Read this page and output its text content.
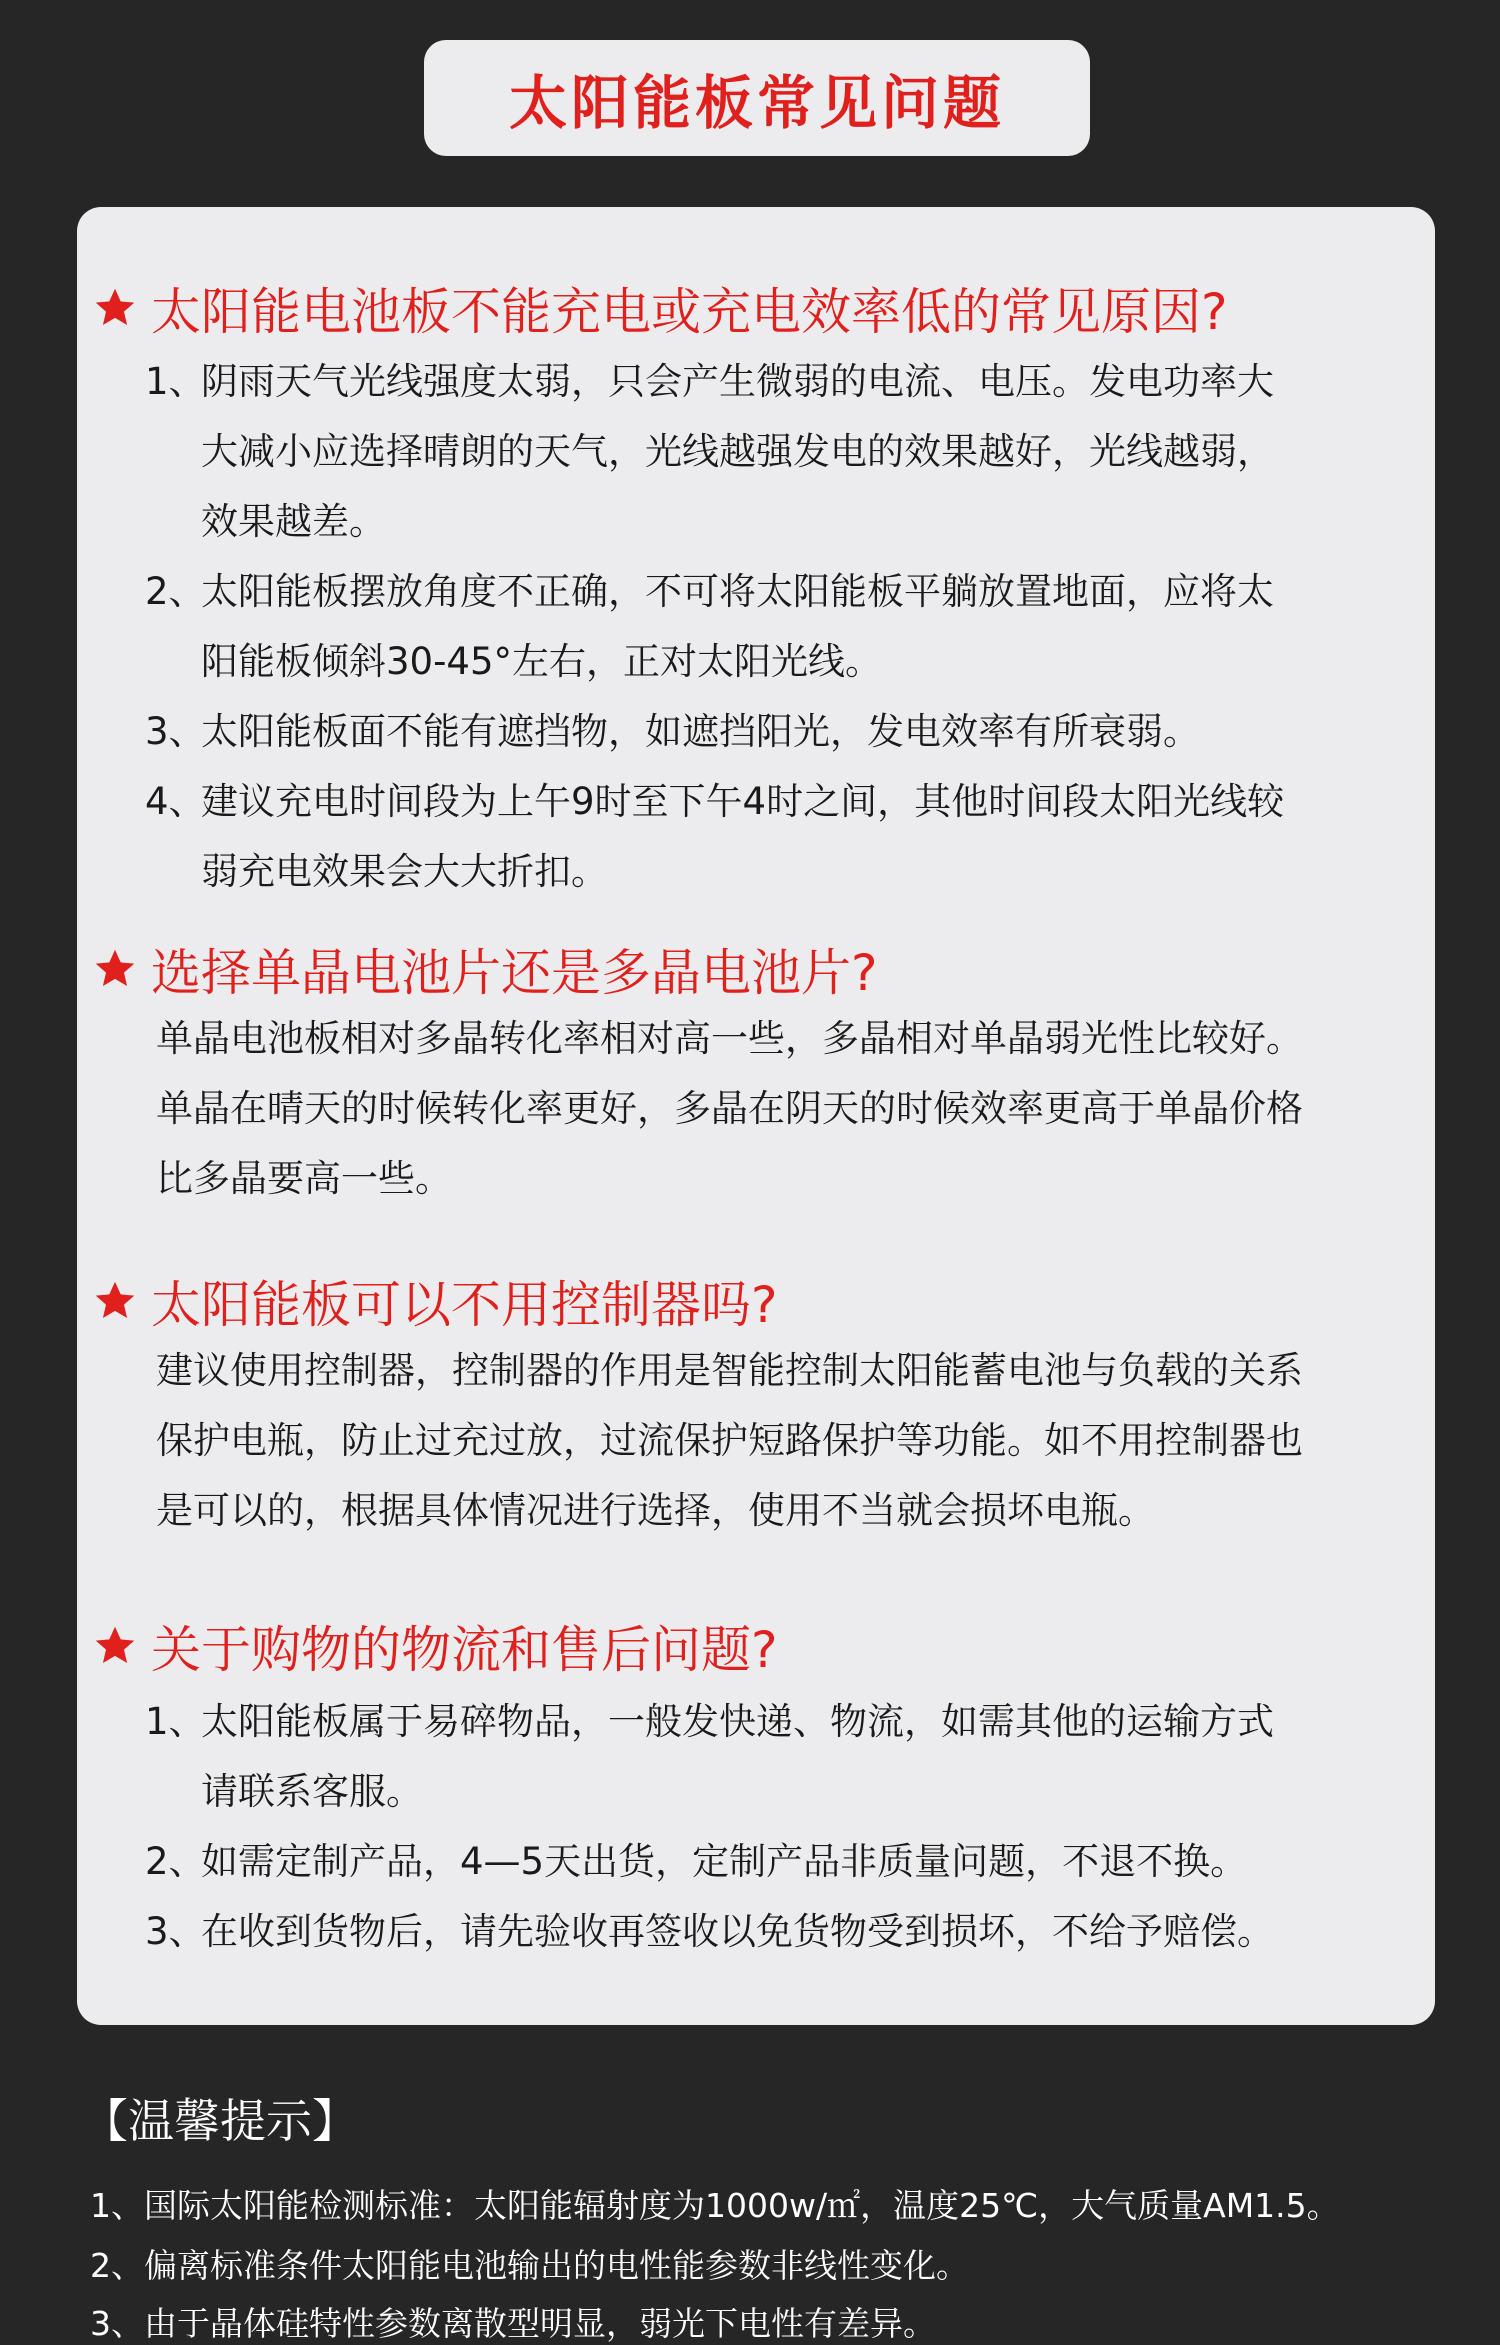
太阳能板常见问题
太阳能电池板不能充电或充电效率低的常见原因?
1、
阴雨天气光线强度太弱，只会产生微弱的电流、电压。发电功率大
大减小应选择晴朗的天气，光线越强发电的效果越好，光线越弱，
效果越差。
2、
太阳能板摆放角度不正确，不可将太阳能板平躺放置地面，应将太
阳能板倾斜30-45°左右，正对太阳光线。
3、
太阳能板面不能有遮挡物，如遮挡阳光，发电效率有所衰弱。
4、
建议充电时间段为上午9时至下午4时之间，其他时间段太阳光线较
弱充电效果会大大折扣。
选择单晶电池片还是多晶电池片?
单晶电池板相对多晶转化率相对高一些，多晶相对单晶弱光性比较好。
单晶在晴天的时候转化率更好，多晶在阴天的时候效率更高于单晶价格
比多晶要高一些。
太阳能板可以不用控制器吗?
建议使用控制器，控制器的作用是智能控制太阳能蓄电池与负载的关系
保护电瓶，防止过充过放，过流保护短路保护等功能。如不用控制器也
是可以的，根据具体情况进行选择，使用不当就会损坏电瓶。
关于购物的物流和售后问题?
1、
太阳能板属于易碎物品，一般发快递、物流，如需其他的运输方式
请联系客服。
2、
如需定制产品，4—5天出货，定制产品非质量问题，不退不换。
3、
在收到货物后，请先验收再签收以免货物受到损坏，不给予赔偿。
【温馨提示】
1、国际太阳能检测标准：太阳能辐射度为1000w/㎡，温度25℃，大气质量AM1.5。
2、偏离标准条件太阳能电池输出的电性能参数非线性变化。
3、由于晶体硅特性参数离散型明显，弱光下电性有差异。
